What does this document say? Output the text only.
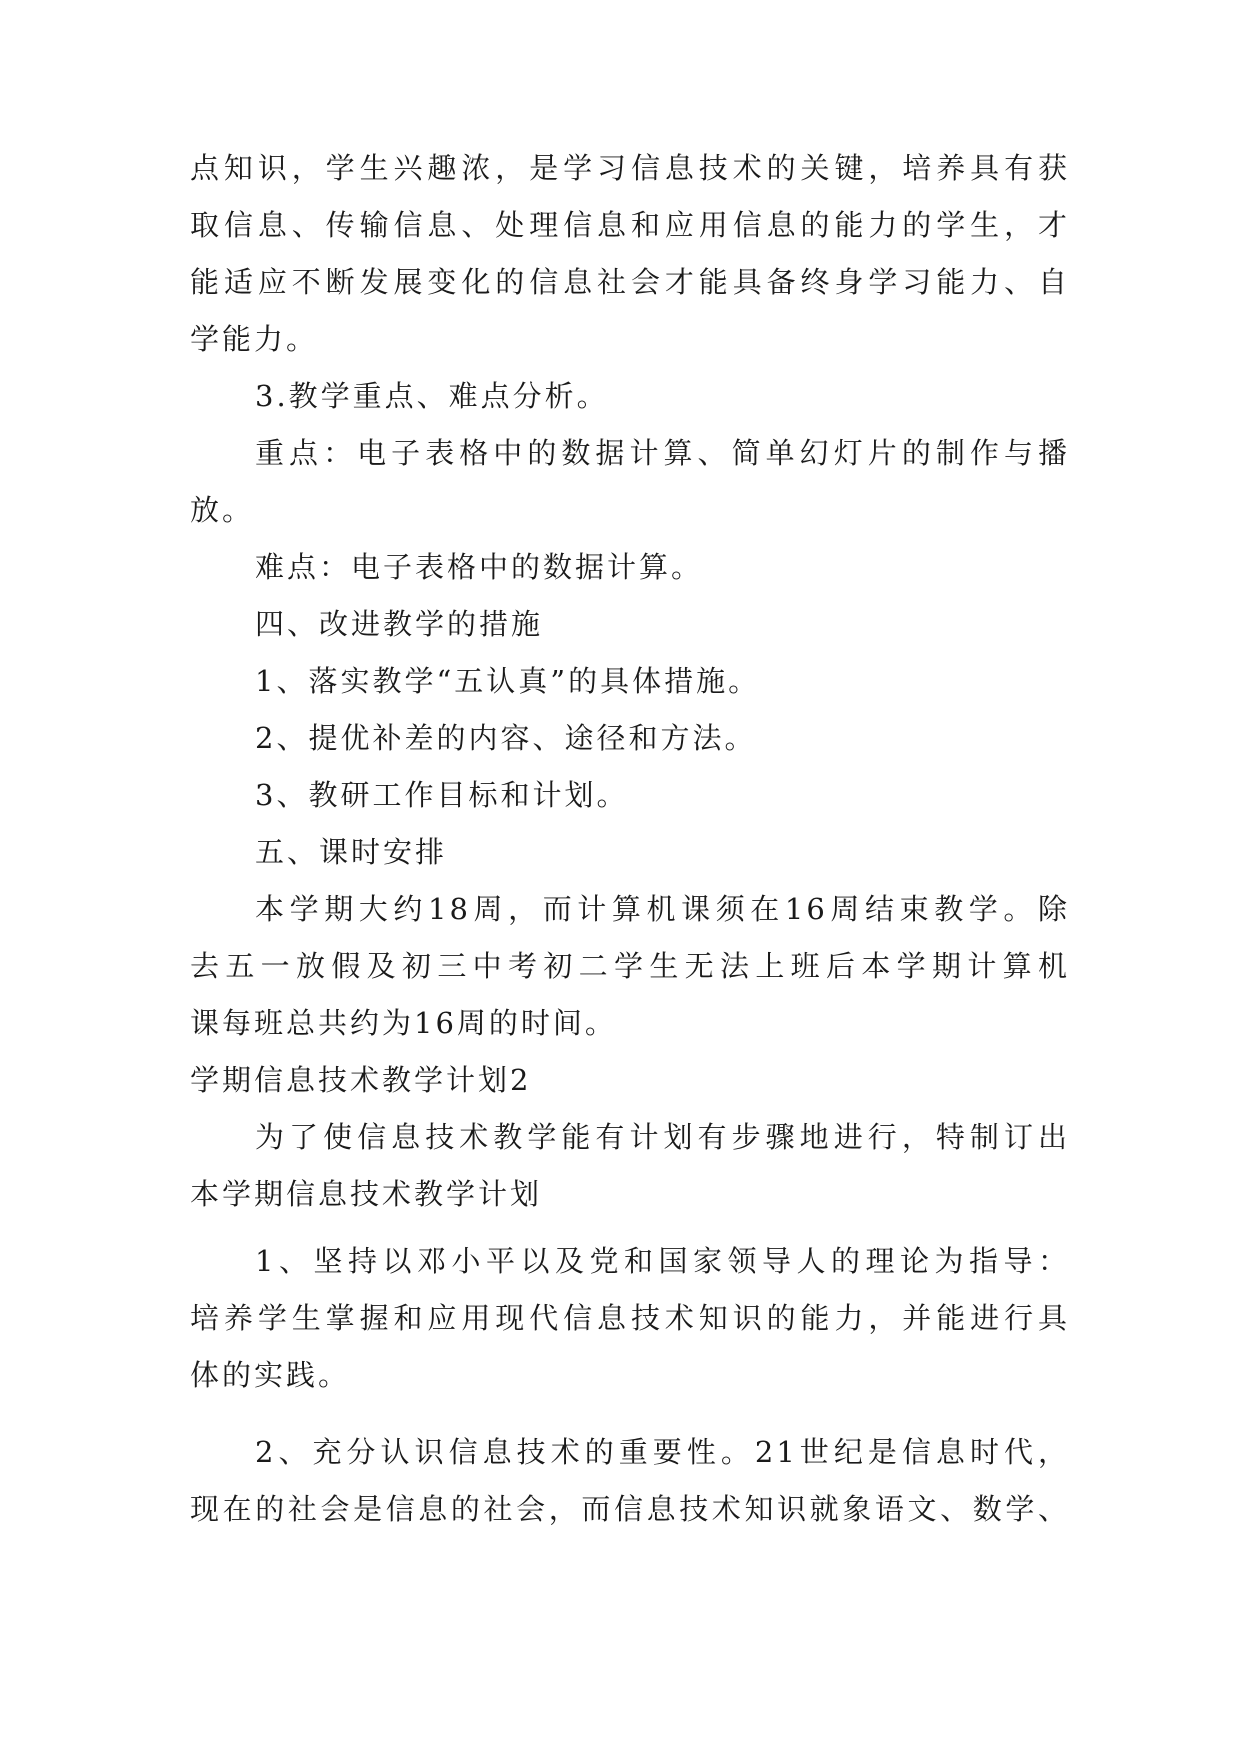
点知识，学生兴趣浓，是学习信息技术的关键，培养具有获
取信息、传输信息、处理信息和应用信息的能力的学生，才
能适应不断发展变化的信息社会才能具备终身学习能力、自
学能力。
3.教学重点、难点分析。
重点：电子表格中的数据计算、简单幻灯片的制作与播
放。
难点：电子表格中的数据计算。
四、改进教学的措施
1、落实教学“五认真”的具体措施。
2、提优补差的内容、途径和方法。
3、教研工作目标和计划。
五、课时安排
本学期大约18周，而计算机课须在16周结束教学。除
去五一放假及初三中考初二学生无法上班后本学期计算机
课每班总共约为16周的时间。
学期信息技术教学计划2
为了使信息技术教学能有计划有步骤地进行，特制订出
本学期信息技术教学计划
1、坚持以邓小平以及党和国家领导人的理论为指导：
培养学生掌握和应用现代信息技术知识的能力，并能进行具
体的实践。
2、充分认识信息技术的重要性。21世纪是信息时代，
现在的社会是信息的社会，而信息技术知识就象语文、数学、
